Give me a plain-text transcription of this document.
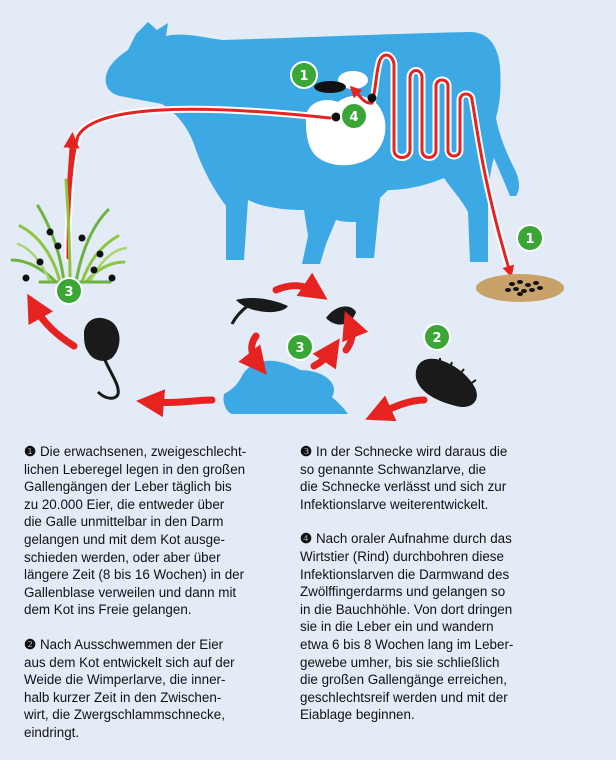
1
4
1
3
2
3

❶ Die erwachsenen, zweigeschlecht-
lichen Leberegel legen in den großen
Gallengängen der Leber täglich bis
zu 20.000 Eier, die entweder über
die Galle unmittelbar in den Darm
gelangen und mit dem Kot ausge-
schieden werden, oder aber über
längere Zeit (8 bis 16 Wochen) in der
Gallenblase verweilen und dann mit
dem Kot ins Freie gelangen.

❷ Nach Ausschwemmen der Eier
aus dem Kot entwickelt sich auf der
Weide die Wimperlarve, die inner-
halb kurzer Zeit in den Zwischen-
wirt, die Zwergschlammschnecke,
eindringt.

❸ In der Schnecke wird daraus die
so genannte Schwanzlarve, die
die Schnecke verlässt und sich zur
Infektionslarve weiterentwickelt.

❹ Nach oraler Aufnahme durch das
Wirtstier (Rind) durchbohren diese
Infektionslarven die Darmwand des
Zwölffingerdarms und gelangen so
in die Bauchhöhle. Von dort dringen
sie in die Leber ein und wandern
etwa 6 bis 8 Wochen lang im Leber-
gewebe umher, bis sie schließlich
die großen Gallengänge erreichen,
geschlechtsreif werden und mit der
Eiablage beginnen.
